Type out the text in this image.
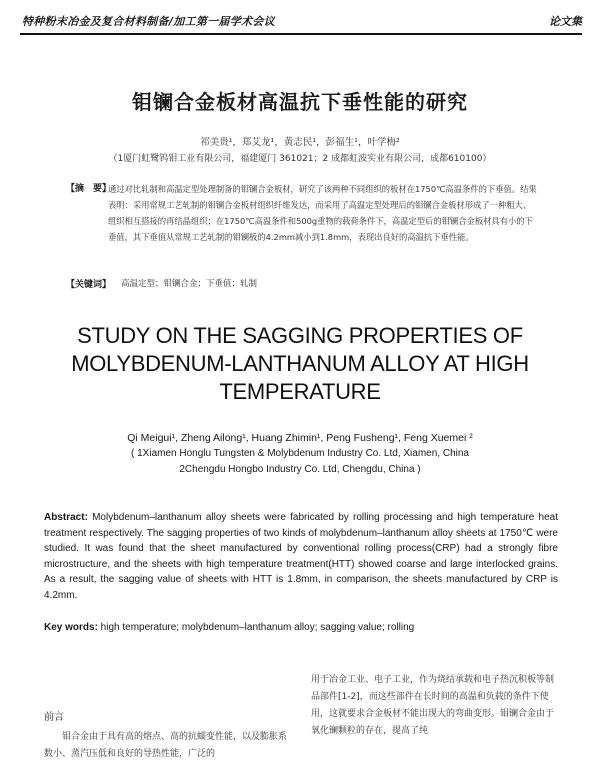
特种粉末冶金及复合材料制备/加工第一届学术会议	论文集
钼镧合金板材高温抗下垂性能的研究
祁美贵¹，郑艾龙¹，黄志民¹，彭福生¹，叶学梅²
（1厦门虹鹭钨钼工业有限公司，福建厦门 361021；2 成都虹波实业有限公司，成都610100）
【摘　要】
通过对比轧制和高温定型处理制备的钼镧合金板材，研究了该两种不同组织的板材在1750℃高温条件的下垂值。结果表明：采用常规工艺轧制的钼镧合金板材组织纤维发达，而采用了高温定型处理后的钼镧合金板材形成了一种粗大、组织相互搭接的再结晶组织；在1750℃高温条件和500g重物的载荷条件下，高温定型后的钼镧合金板材具有小的下垂值，其下垂值从常规工艺轧制的钼镧板的4.2mm减小到1.8mm，表现出良好的高温抗下垂性能。
【关键词】 高温定型；钼镧合金；下垂值；轧制
STUDY ON THE SAGGING PROPERTIES OF MOLYBDENUM-LANTHANUM ALLOY AT HIGH TEMPERATURE
Qi Meigui¹, Zheng Ailong¹, Huang Zhimin¹, Peng Fusheng¹, Feng Xuemei ²
( 1Xiamen Honglu Tungsten & Molybdenum Industry Co. Ltd, Xiamen, China
2Chengdu Hongbo Industry Co. Ltd, Chengdu, China )
Abstract: Molybdenum–lanthanum alloy sheets were fabricated by rolling processing and high temperature heat treatment respectively. The sagging properties of two kinds of molybdenum–lanthanum alloy sheets at 1750℃ were studied. It was found that the sheet manufactured by conventional rolling process(CRP) had a strongly fibre microstructure, and the sheets with high temperature treatment(HTT) showed coarse and large interlocked grains. As a result, the sagging value of sheets with HTT is 1.8mm, in comparison, the sheets manufactured by CRP is 4.2mm.
Key words: high temperature; molybdenum–lanthanum alloy; sagging value; rolling
前言
　　钼合金由于具有高的熔点、高的抗蠕变性能，以及膨胀系数小、蒸汽压低和良好的导热性能，广泛的
用于冶金工业、电子工业，作为烧结承载和电子热沉积板等制品部件[1-2]，而这些部件在长时间的高温和负载的条件下使用，这就要求合金板材不能出现大的弯曲变形。钼镧合金由于氧化镧颗粒的存在，提高了纯
